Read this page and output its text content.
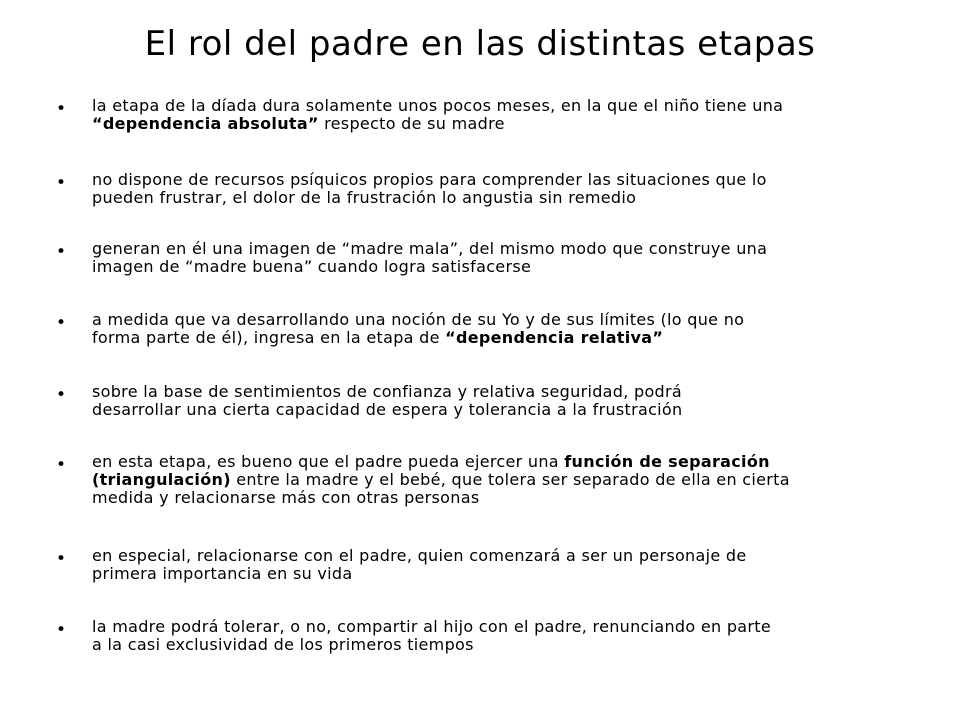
El rol del padre en las distintas etapas
•	la etapa de la díada dura solamente unos pocos meses, en la que el niño tiene una
“dependencia absoluta” respecto de su madre
•	no dispone de recursos psíquicos propios para comprender las situaciones que lo
pueden frustrar, el dolor de la frustración lo angustia sin remedio
•	generan en él una imagen de “madre mala”, del mismo modo que construye una
imagen de “madre buena” cuando logra satisfacerse
•	a medida que va desarrollando una noción de su Yo y de sus límites (lo que no
forma parte de él), ingresa en la etapa de “dependencia relativa”
•	sobre la base de sentimientos de confianza y relativa seguridad, podrá
desarrollar una cierta capacidad de espera y tolerancia a la frustración
•	en esta etapa, es bueno que el padre pueda ejercer una función de separación
(triangulación) entre la madre y el bebé, que tolera ser separado de ella en cierta
medida y relacionarse más con otras personas
•	en especial, relacionarse con el padre, quien comenzará a ser un personaje de
primera importancia en su vida
•	la madre podrá tolerar, o no, compartir al hijo con el padre, renunciando en parte
a la casi exclusividad de los primeros tiempos
